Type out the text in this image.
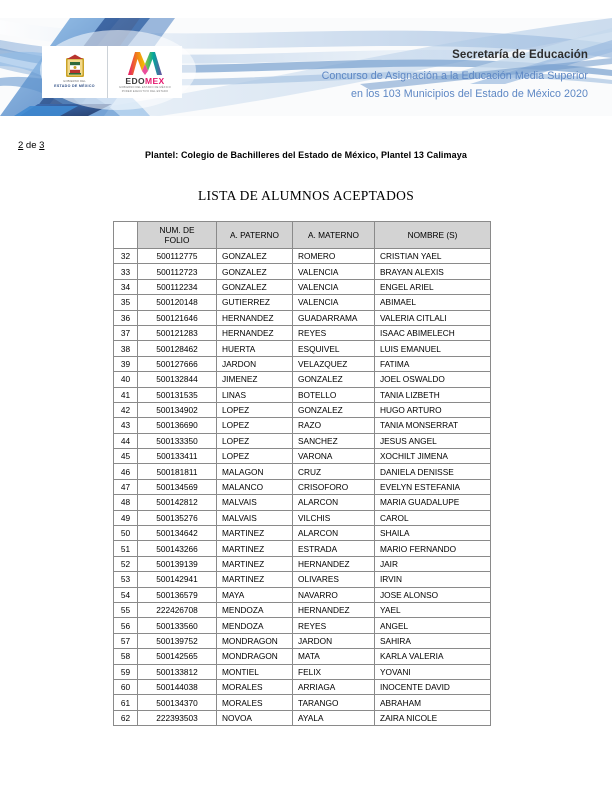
GOBIERNO DEL
ESTADO DE MÉXICO
EDOMEX
GOBIERNO DEL ESTADO DE MÉXICO
PODER EJECUTIVO DEL ESTADO
Secretaría de Educación
Concurso de Asignación a la Educación Media Superior
en los 103 Municipios del Estado de México 2020
2 de 3
Plantel: Colegio de Bachilleres del Estado de México, Plantel 13 Calimaya
LISTA DE ALUMNOS ACEPTADOS
	NUM. DE
FOLIO	A. PATERNO	A. MATERNO	NOMBRE (S)
32	500112775	GONZALEZ	ROMERO	CRISTIAN YAEL
33	500112723	GONZALEZ	VALENCIA	BRAYAN ALEXIS
34	500112234	GONZALEZ	VALENCIA	ENGEL ARIEL
35	500120148	GUTIERREZ	VALENCIA	ABIMAEL
36	500121646	HERNANDEZ	GUADARRAMA	VALERIA CITLALI
37	500121283	HERNANDEZ	REYES	ISAAC ABIMELECH
38	500128462	HUERTA	ESQUIVEL	LUIS EMANUEL
39	500127666	JARDON	VELAZQUEZ	FATIMA
40	500132844	JIMENEZ	GONZALEZ	JOEL OSWALDO
41	500131535	LINAS	BOTELLO	TANIA LIZBETH
42	500134902	LOPEZ	GONZALEZ	HUGO ARTURO
43	500136690	LOPEZ	RAZO	TANIA MONSERRAT
44	500133350	LOPEZ	SANCHEZ	JESUS ANGEL
45	500133411	LOPEZ	VARONA	XOCHILT JIMENA
46	500181811	MALAGON	CRUZ	DANIELA DENISSE
47	500134569	MALANCO	CRISOFORO	EVELYN ESTEFANIA
48	500142812	MALVAIS	ALARCON	MARIA GUADALUPE
49	500135276	MALVAIS	VILCHIS	CAROL
50	500134642	MARTINEZ	ALARCON	SHAILA
51	500143266	MARTINEZ	ESTRADA	MARIO FERNANDO
52	500139139	MARTINEZ	HERNANDEZ	JAIR
53	500142941	MARTINEZ	OLIVARES	IRVIN
54	500136579	MAYA	NAVARRO	JOSE ALONSO
55	222426708	MENDOZA	HERNANDEZ	YAEL
56	500133560	MENDOZA	REYES	ANGEL
57	500139752	MONDRAGON	JARDON	SAHIRA
58	500142565	MONDRAGON	MATA	KARLA VALERIA
59	500133812	MONTIEL	FELIX	YOVANI
60	500144038	MORALES	ARRIAGA	INOCENTE DAVID
61	500134370	MORALES	TARANGO	ABRAHAM
62	222393503	NOVOA	AYALA	ZAIRA NICOLE
